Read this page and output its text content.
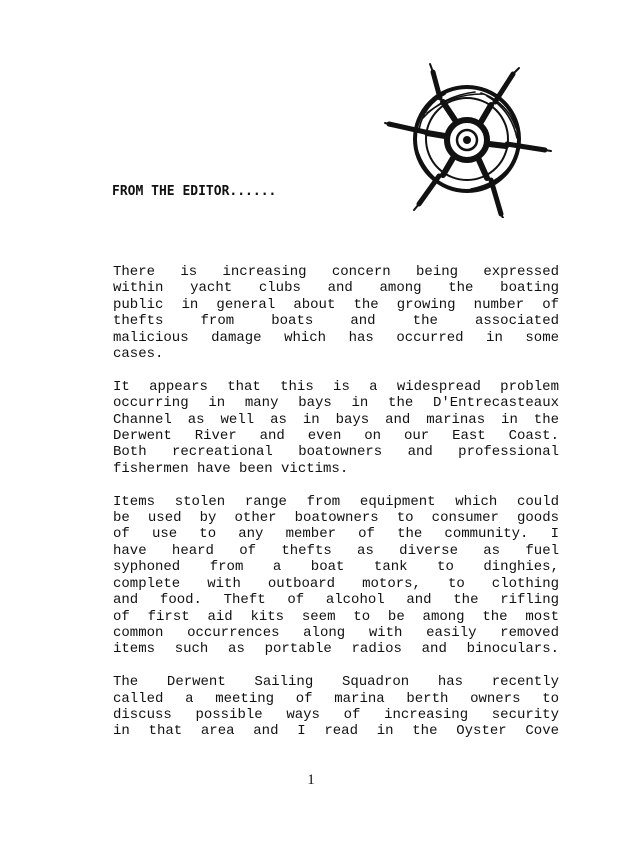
FROM THE EDITOR......

There is increasing concern being expressed
within yacht clubs and among the boating
public in general about the growing number of
thefts from boats and the associated
malicious damage which has occurred in some
cases.

It appears that this is a widespread problem
occurring in many bays in the D'Entrecasteaux
Channel as well as in bays and marinas in the
Derwent River and even on our East Coast.
Both recreational boatowners and professional
fishermen have been victims.

Items stolen range from equipment which could
be used by other boatowners to consumer goods
of use to any member of the community. I
have heard of thefts as diverse as fuel
syphoned from a boat tank to dinghies,
complete with outboard motors, to clothing
and food. Theft of alcohol and the rifling
of first aid kits seem to be among the most
common occurrences along with easily removed
items such as portable radios and binoculars.

The Derwent Sailing Squadron has recently
called a meeting of marina berth owners to
discuss possible ways of increasing security
in that area and I read in the Oyster Cove

1
